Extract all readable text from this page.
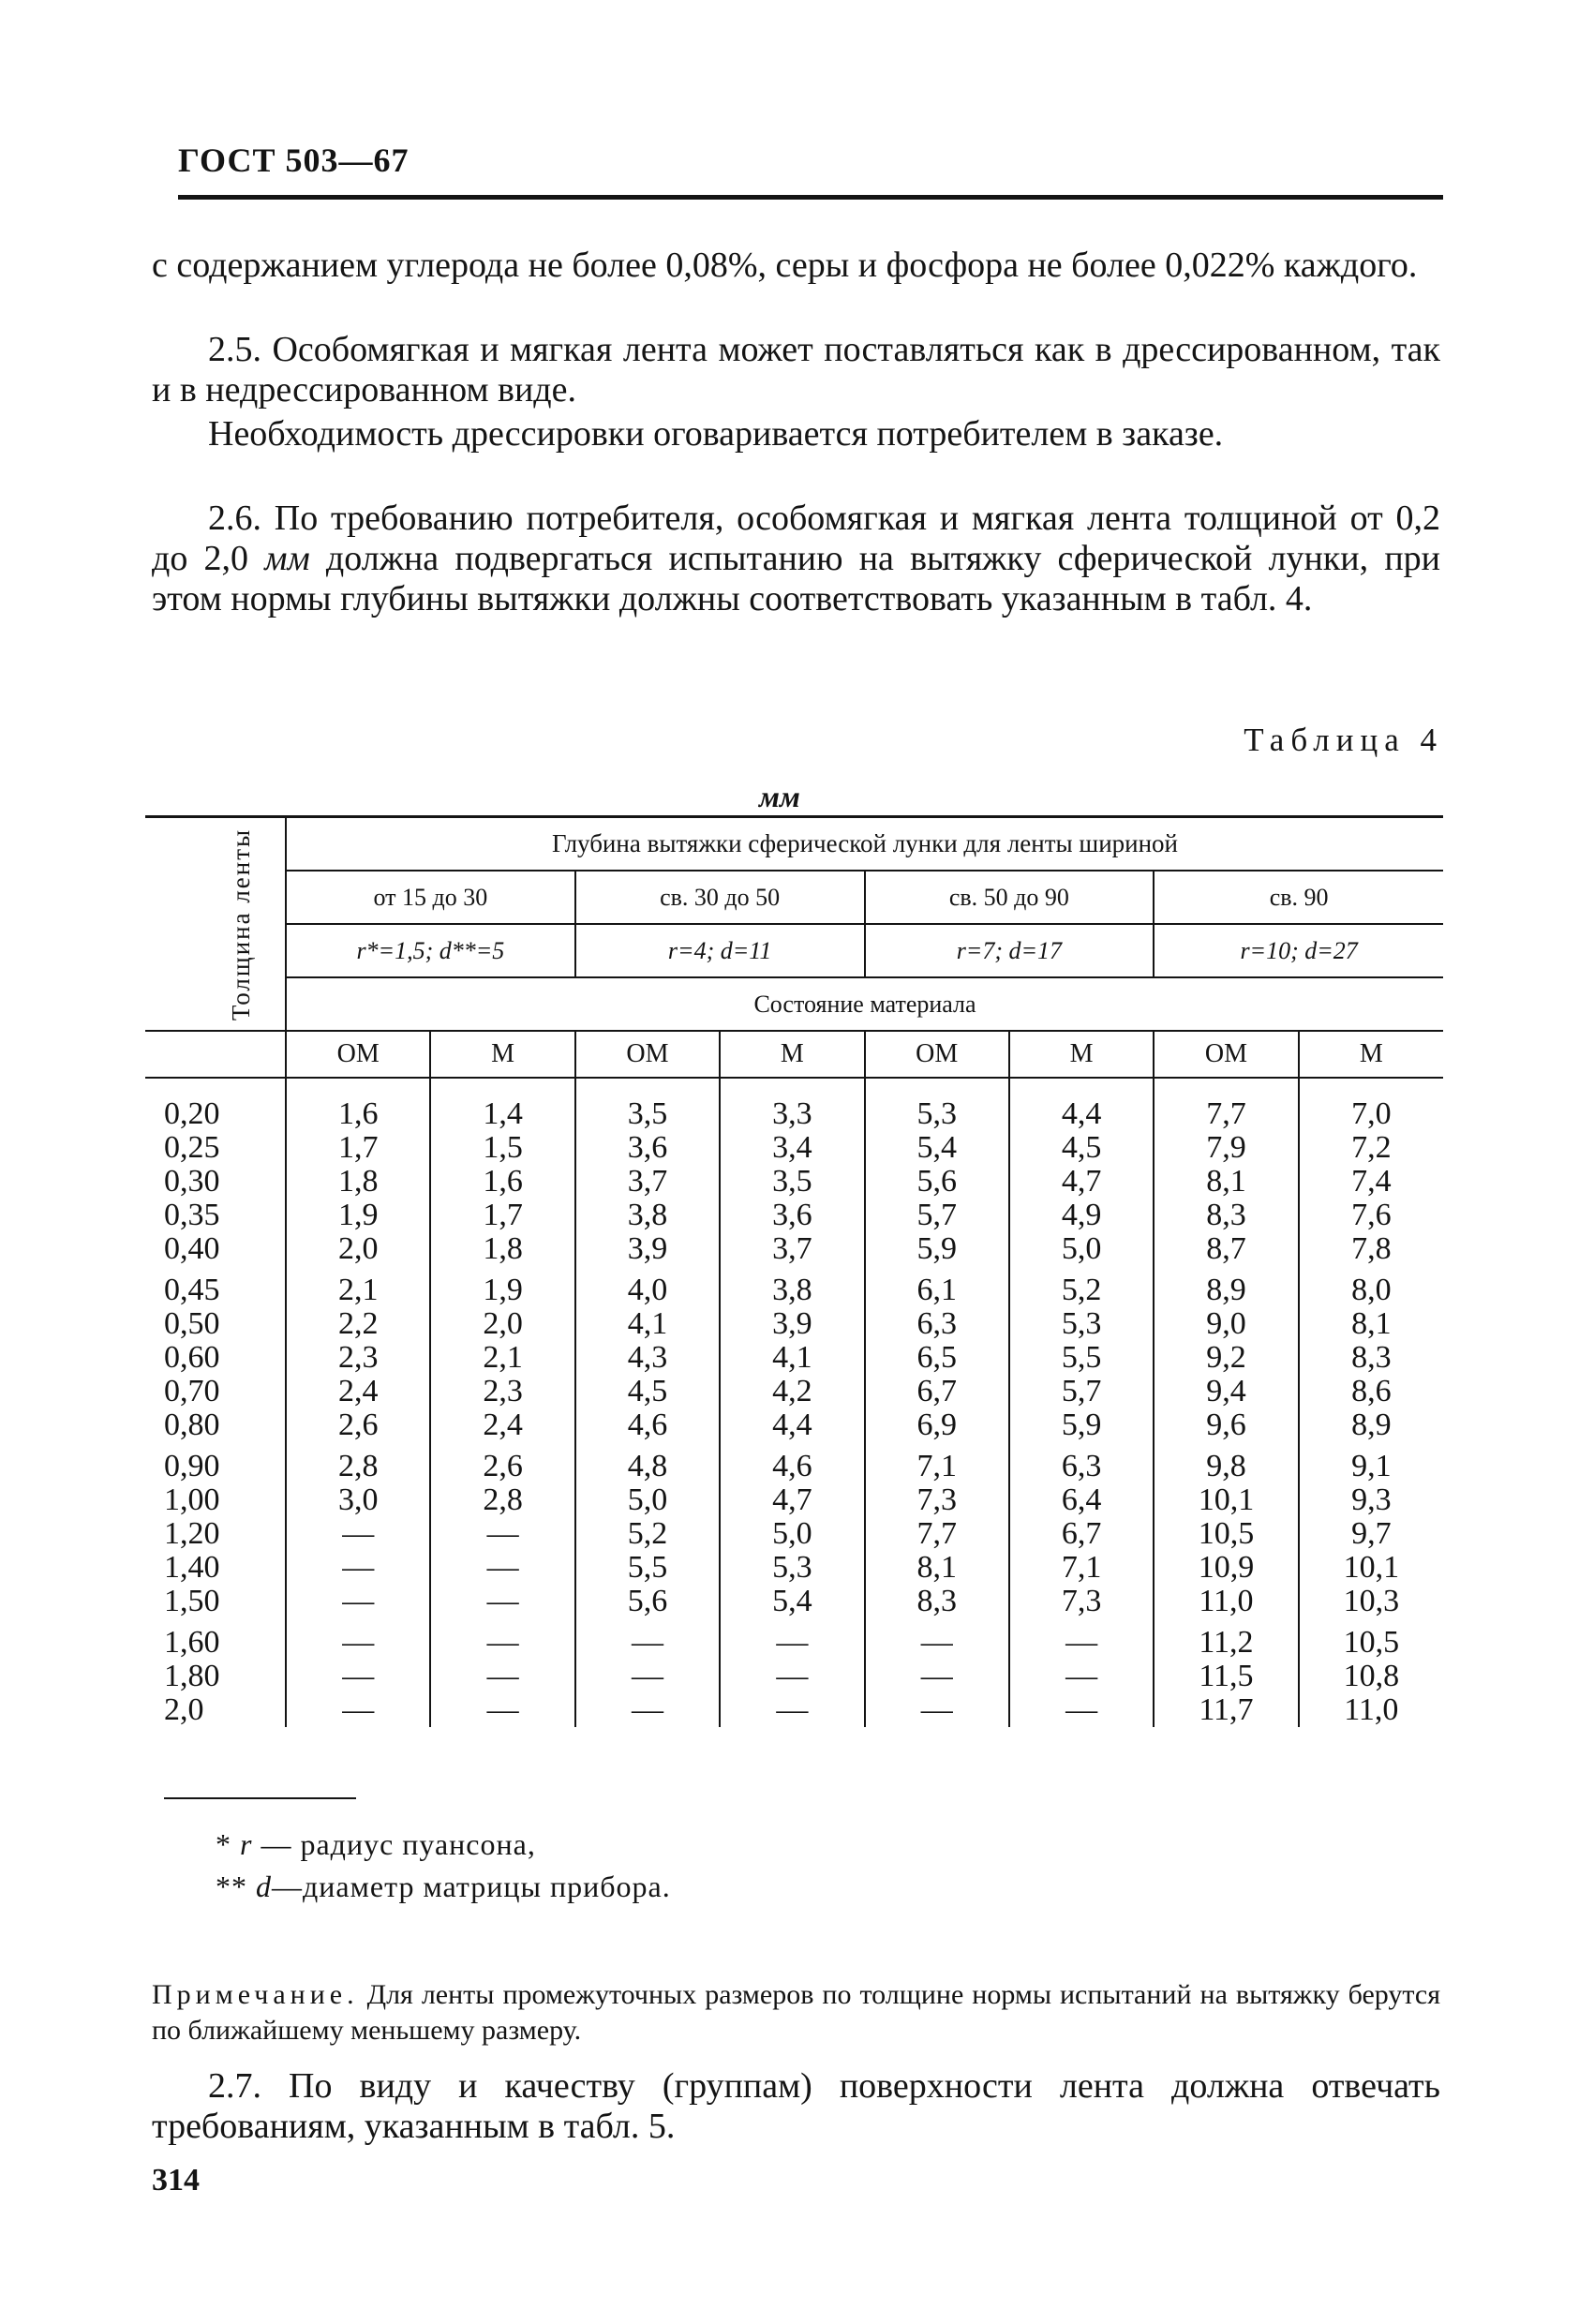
ГОСТ 503—67

с содержанием углерода не более 0,08%, серы и фосфора не более 0,022% каждого.

2.5. Особомягкая и мягкая лента может поставляться как в дрессированном, так и в недрессированном виде.

Необходимость дрессировки оговаривается потребителем в заказе.

2.6. По требованию потребителя, особомягкая и мягкая лента толщиной от 0,2 до 2,0 мм должна подвергаться испытанию на вытяжку сферической лунки, при этом нормы глубины вытяжки должны соответствовать указанным в табл. 4.

Таблица 4
мм
Толщина ленты	Глубина вытяжки сферической лунки для ленты шириной							
	от 15 до 30		св. 30 до 50		св. 50 до 90		св. 90	
	r*=1,5; d**=5		r=4; d=11		r=7; d=17		r=10; d=27	
	Состояние материала							
	ОМ	М	ОМ	М	ОМ	М	ОМ	М
0,20	1,6	1,4	3,5	3,3	5,3	4,4	7,7	7,0
0,25	1,7	1,5	3,6	3,4	5,4	4,5	7,9	7,2
0,30	1,8	1,6	3,7	3,5	5,6	4,7	8,1	7,4
0,35	1,9	1,7	3,8	3,6	5,7	4,9	8,3	7,6
0,40	2,0	1,8	3,9	3,7	5,9	5,0	8,7	7,8
0,45	2,1	1,9	4,0	3,8	6,1	5,2	8,9	8,0
0,50	2,2	2,0	4,1	3,9	6,3	5,3	9,0	8,1
0,60	2,3	2,1	4,3	4,1	6,5	5,5	9,2	8,3
0,70	2,4	2,3	4,5	4,2	6,7	5,7	9,4	8,6
0,80	2,6	2,4	4,6	4,4	6,9	5,9	9,6	8,9
0,90	2,8	2,6	4,8	4,6	7,1	6,3	9,8	9,1
1,00	3,0	2,8	5,0	4,7	7,3	6,4	10,1	9,3
1,20	—	—	5,2	5,0	7,7	6,7	10,5	9,7
1,40	—	—	5,5	5,3	8,1	7,1	10,9	10,1
1,50	—	—	5,6	5,4	8,3	7,3	11,0	10,3
1,60	—	—	—	—	—	—	11,2	10,5
1,80	—	—	—	—	—	—	11,5	10,8
2,0	—	—	—	—	—	—	11,7	11,0
* r — радиус пуансона,
** d—диаметр матрицы прибора.

Примечание. Для ленты промежуточных размеров по толщине нормы испытаний на вытяжку берутся по ближайшему меньшему размеру.

2.7. По виду и качеству (группам) поверхности лента должна отвечать требованиям, указанным в табл. 5.

314
